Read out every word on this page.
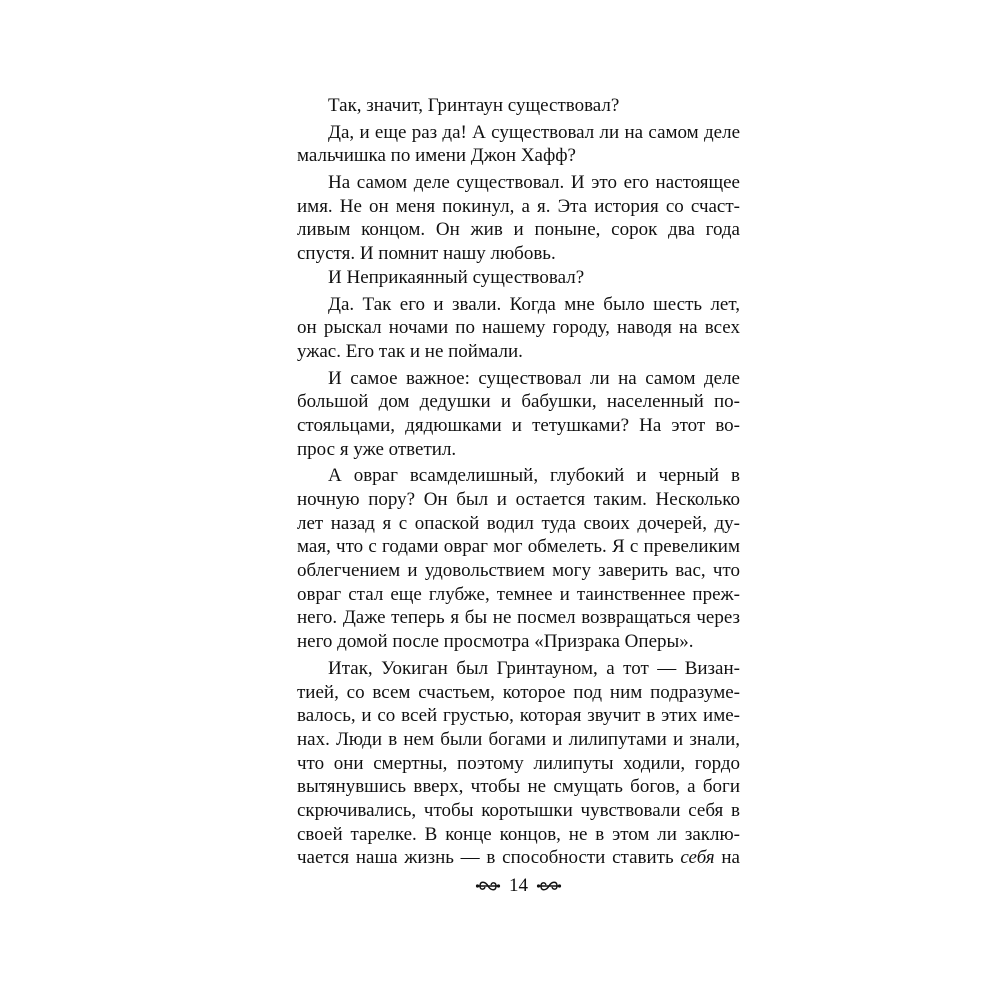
Так, значит, Гринтаун существовал?
Да, и еще раз да! А существовал ли на самом деле
мальчишка по имени Джон Хафф?
На самом деле существовал. И это его настоящее
имя. Не он меня покинул, а я. Эта история со счаст-
ливым концом. Он жив и поныне, сорок два года
спустя. И помнит нашу любовь.
И Неприкаянный существовал?
Да. Так его и звали. Когда мне было шесть лет,
он рыскал ночами по нашему городу, наводя на всех
ужас. Его так и не поймали.
И самое важное: существовал ли на самом деле
большой дом дедушки и бабушки, населенный по-
стояльцами, дядюшками и тетушками? На этот во-
прос я уже ответил.
А овраг всамделишный, глубокий и черный в
ночную пору? Он был и остается таким. Несколько
лет назад я с опаской водил туда своих дочерей, ду-
мая, что с годами овраг мог обмелеть. Я с превеликим
облегчением и удовольствием могу заверить вас, что
овраг стал еще глубже, темнее и таинственнее преж-
него. Даже теперь я бы не посмел возвращаться через
него домой после просмотра «Призрака Оперы».
Итак, Уокиган был Гринтауном, а тот — Визан-
тией, со всем счастьем, которое под ним подразуме-
валось, и со всей грустью, которая звучит в этих име-
нах. Люди в нем были богами и лилипутами и знали,
что они смертны, поэтому лилипуты ходили, гордо
вытянувшись вверх, чтобы не смущать богов, а боги
скрючивались, чтобы коротышки чувствовали себя в
своей тарелке. В конце концов, не в этом ли заклю-
чается наша жизнь — в способности ставить себя на
14
